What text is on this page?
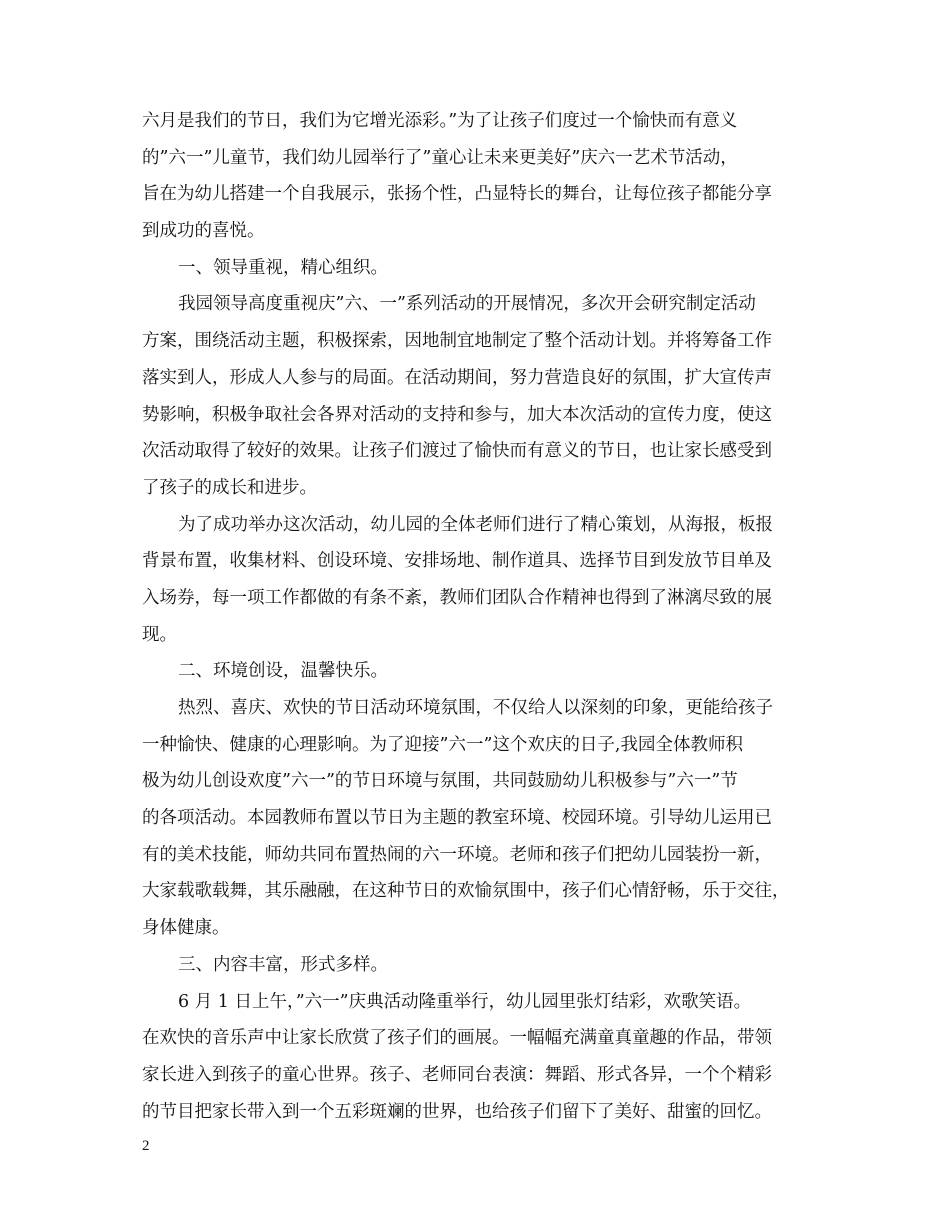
六月是我们的节日，我们为它增光添彩。”为了让孩子们度过一个愉快而有意义
的”六一”儿童节，我们幼儿园举行了”童心让未来更美好”庆六一艺术节活动，
旨在为幼儿搭建一个自我展示，张扬个性，凸显特长的舞台，让每位孩子都能分享
到成功的喜悦。
一、领导重视，精心组织。
我园领导高度重视庆”六、一”系列活动的开展情况，多次开会研究制定活动
方案，围绕活动主题，积极探索，因地制宜地制定了整个活动计划。并将筹备工作
落实到人，形成人人参与的局面。在活动期间，努力营造良好的氛围，扩大宣传声
势影响，积极争取社会各界对活动的支持和参与，加大本次活动的宣传力度，使这
次活动取得了较好的效果。让孩子们渡过了愉快而有意义的节日，也让家长感受到
了孩子的成长和进步。
为了成功举办这次活动，幼儿园的全体老师们进行了精心策划，从海报，板报
背景布置，收集材料、创设环境、安排场地、制作道具、选择节目到发放节目单及
入场券，每一项工作都做的有条不紊，教师们团队合作精神也得到了淋漓尽致的展
现。
二、环境创设，温馨快乐。
热烈、喜庆、欢快的节日活动环境氛围，不仅给人以深刻的印象，更能给孩子
一种愉快、健康的心理影响。为了迎接”六一”这个欢庆的日子,我园全体教师积
极为幼儿创设欢度”六一”的节日环境与氛围，共同鼓励幼儿积极参与”六一”节
的各项活动。本园教师布置以节日为主题的教室环境、校园环境。引导幼儿运用已
有的美术技能，师幼共同布置热闹的六一环境。老师和孩子们把幼儿园装扮一新，
大家载歌载舞，其乐融融，在这种节日的欢愉氛围中，孩子们心情舒畅，乐于交往，
身体健康。
三、内容丰富，形式多样。
6 月 1 日上午，”六一”庆典活动隆重举行，幼儿园里张灯结彩，欢歌笑语。
在欢快的音乐声中让家长欣赏了孩子们的画展。一幅幅充满童真童趣的作品，带领
家长进入到孩子的童心世界。孩子、老师同台表演：舞蹈、形式各异，一个个精彩
的节目把家长带入到一个五彩斑斓的世界，也给孩子们留下了美好、甜蜜的回忆。
2
